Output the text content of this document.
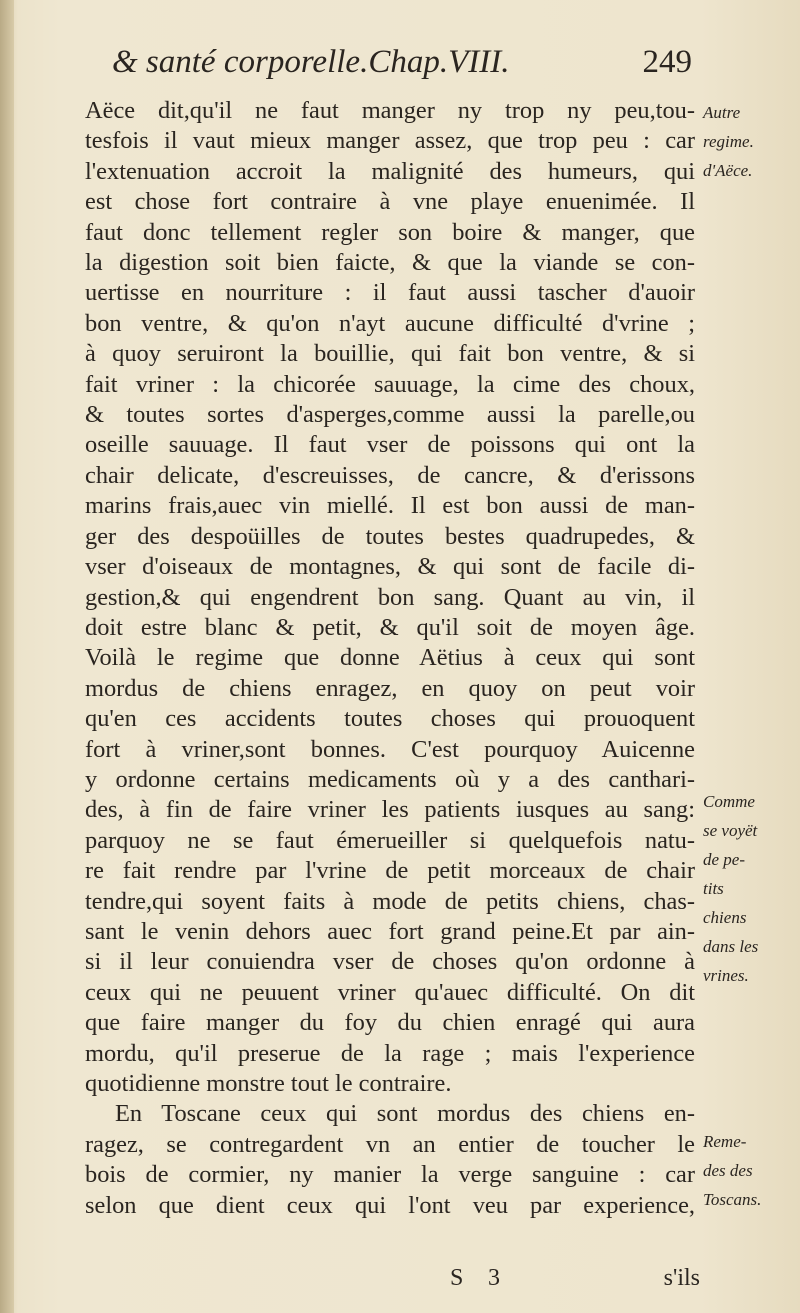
& santé corporelle.Chap.VIII.	249
Aëce dit,qu'il ne faut manger ny trop ny peu,tou-
tesfois il vaut mieux manger assez, que trop peu : car
l'extenuation accroit la malignité des humeurs, qui
est chose fort contraire à vne playe enuenimée. Il
faut donc tellement regler son boire & manger, que
la digestion soit bien faicte, & que la viande se con-
uertisse en nourriture : il faut aussi tascher d'auoir
bon ventre, & qu'on n'ayt aucune difficulté d'vrine ;
à quoy seruiront la bouillie, qui fait bon ventre, & si
fait vriner : la chicorée sauuage, la cime des choux,
& toutes sortes d'asperges,comme aussi la parelle,ou
oseille sauuage. Il faut vser de poissons qui ont la
chair delicate, d'escreuisses, de cancre, & d'erissons
marins frais,auec vin miellé. Il est bon aussi de man-
ger des despoüilles de toutes bestes quadrupedes, &
vser d'oiseaux de montagnes, & qui sont de facile di-
gestion,& qui engendrent bon sang. Quant au vin, il
doit estre blanc & petit, & qu'il soit de moyen âge.
Voilà le regime que donne Aëtius à ceux qui sont
mordus de chiens enragez, en quoy on peut voir
qu'en ces accidents toutes choses qui prouoquent
fort à vriner,sont bonnes. C'est pourquoy Auicenne
y ordonne certains medicaments où y a des canthari-
des, à fin de faire vriner les patients iusques au sang:
parquoy ne se faut émerueiller si quelquefois natu-
re fait rendre par l'vrine de petit morceaux de chair
tendre,qui soyent faits à mode de petits chiens, chas-
sant le venin dehors auec fort grand peine.Et par ain-
si il leur conuiendra vser de choses qu'on ordonne à
ceux qui ne peuuent vriner qu'auec difficulté. On dit
que faire manger du foy du chien enragé qui aura
mordu, qu'il preserue de la rage ; mais l'experience
quotidienne monstre tout le contraire.
En Toscane ceux qui sont mordus des chiens en-
ragez, se contregardent vn an entier de toucher le
bois de cormier, ny manier la verge sanguine : car
selon que dient ceux qui l'ont veu par experience,
S 3	s'ils
Autre
regime.
d'Aëce.
Comme
se voyët
de pe-
tits
chiens
dans les
vrines.
Reme-
des des
Toscans.
